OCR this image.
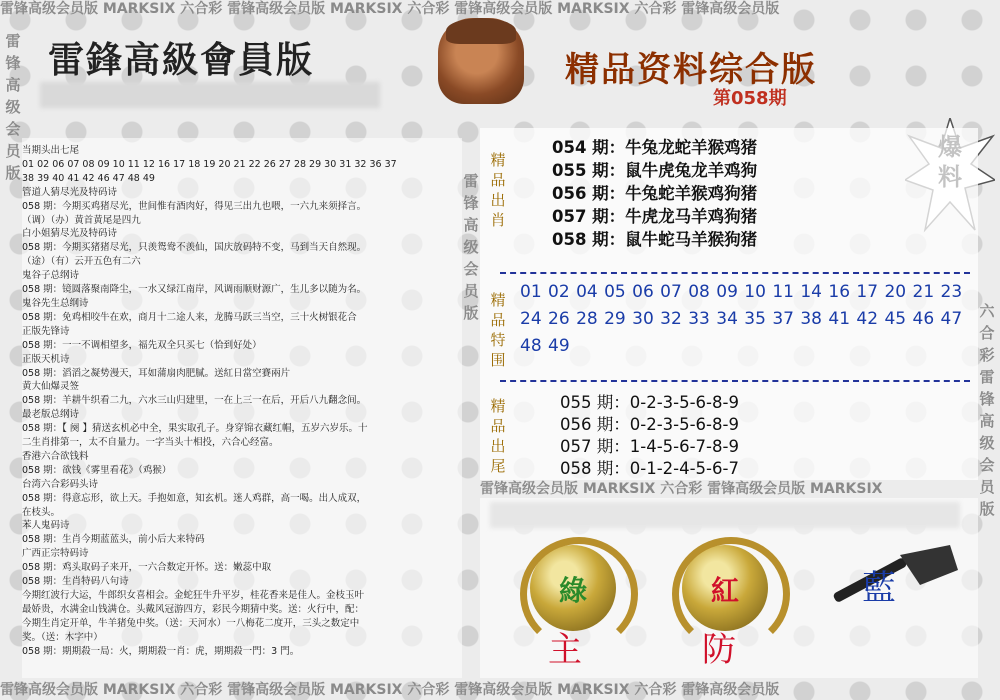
雷锋高级会员版 MARKSIX 六合彩 雷锋高级会员版 MARKSIX 六合彩 雷锋高级会员版 MARKSIX 六合彩 雷锋高级会员版
雷锋高级会员版 MARKSIX 六合彩 雷锋高级会员版 MARKSIX 六合彩 雷锋高级会员版 MARKSIX 六合彩 雷锋高级会员版
雷锋高级会员版
六合彩雷锋高级会员版
雷锋高级会员版
雷鋒高級會員版	精品资料综合版
第058期
当期头出七尾
01 02 06 07 08 09 10 11 12 16 17 18 19 20 21 22 26 27 28 29 30 31 32 36 37
38 39 40 41 42 46 47 48 49
管道人猜尽光及特码诗
058 期：今期买鸡猪尽光，世间惟有酒肉好，得见三出九也喂，一六九来须择言。
（调）（办）黄首黄尾是四九
白小姐猜尽光及特码诗
058 期：今期买猪猪尽光，只羡鸳鸯不羡仙，国庆放码特不变，马到当天自然现。
（途）（有）云开五色有二六
鬼谷子总纲诗
058 期：镜圆落聚南降尘，一水又绿江南岸，风调雨顺财源广，生儿多以随为名。
鬼谷先生总纲诗
058 期：免鸡相咬牛在欢，商月十二途人来，龙腾马跃三当空，三十火树银花合
正版先锋诗
058 期：一一不调相望多，福先双全只买七（恰到好处）
正版天机诗
058 期：滔滔之凝势漫天，耳如蒲扇肉肥腻。送紅日當空賽兩片
黄大仙爆灵签
058 期：羊耕牛织看二九，六水三山归建里，一在上三一在后，开后八九翻念间。
最老版总纲诗
058 期：【 阕 】猜送玄机必中全，果实取孔子。身穿锦衣藏红帽，五岁六岁乐。十
二生肖排第一，太不自量力。一字当头十相投，六合心经富。
香港六合欲钱料
058 期：欲钱《雾里看花》（鸡猴）
台湾六合彩码头诗
058 期：得意忘形，欲上天。手抱如意，知玄机。迷人鸡群，高一喝。出人成双，
在枝头。
苯人鬼码诗
058 期：生肖今期蓝蓝头，前小后大来特码
广西正宗特码诗
058 期：鸡头取码子来开，一六合数定开怀。送：嫩蕊中取
058 期：生肖特码八句诗
今期红波行大运，牛郎织女喜相会。金蛇狂牛升平岁，桂花香来是佳人。金枝玉叶
最娇贵，水满金山钱满仓。头戴风冠游四方，彩民今期猜中奖。送：火行中，配：
今期生肖定开单，牛羊猪兔中奖。（送：天河水）一八梅花二度开，三头之数定中
奖。（送：木字中）
058 期：期期殺一局：火，期期殺一肖：虎，期期殺一門：3 門。
精品出肖
054 期：牛兔龙蛇羊猴鸡猪
055 期：鼠牛虎兔龙羊鸡狗
056 期：牛兔蛇羊猴鸡狗猪
057 期：牛虎龙马羊鸡狗猪
058 期：鼠牛蛇马羊猴狗猪
精品特围
01 02 04 05 06 07 08 09 10 11 14 16 17 20 21 23 24 26 28 29 30 32 33 34 35 37 38 41 42 45 46 47 48 49
精品出尾
055 期：0-2-3-5-6-8-9
056 期：0-2-3-5-6-8-9
057 期：1-4-5-6-7-8-9
058 期：0-1-2-4-5-6-7
雷锋高级会员版 MARKSIX 六合彩 雷锋高级会员版 MARKSIX
綠	紅	藍
主	防
